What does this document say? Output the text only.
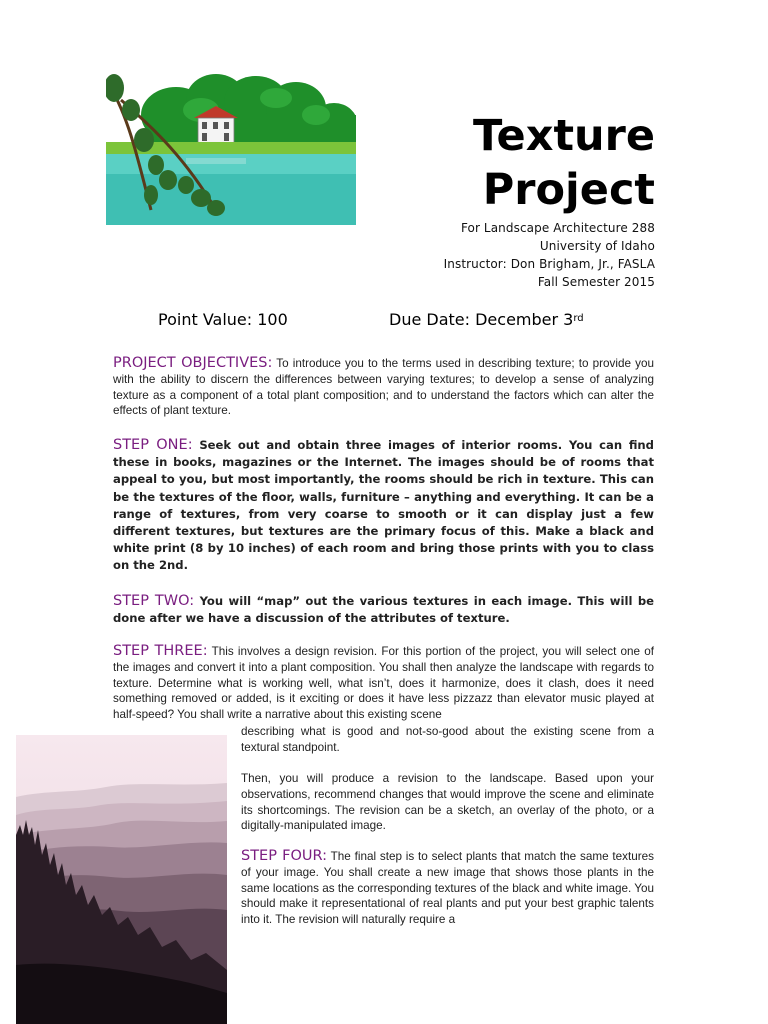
Texture
Project
For Landscape Architecture 288
University of Idaho
Instructor: Don Brigham, Jr., FASLA
Fall Semester 2015
Point Value: 100	Due Date: December 3rd
PROJECT OBJECTIVES: To introduce you to the terms used in describing texture; to provide you with the ability to discern the differences between varying textures; to develop a sense of analyzing texture as a component of a total plant composition; and to understand the factors which can alter the effects of plant texture.
STEP ONE: Seek out and obtain three images of interior rooms. You can find these in books, magazines or the Internet. The images should be of rooms that appeal to you, but most importantly, the rooms should be rich in texture. This can be the textures of the floor, walls, furniture – anything and everything. It can be a range of textures, from very coarse to smooth or it can display just a few different textures, but textures are the primary focus of this. Make a black and white print (8 by 10 inches) of each room and bring those prints with you to class on the 2nd.
STEP TWO: You will “map” out the various textures in each image. This will be done after we have a discussion of the attributes of texture.
STEP THREE: This involves a design revision. For this portion of the project, you will select one of the images and convert it into a plant composition. You shall then analyze the landscape with regards to texture. Determine what is working well, what isn’t, does it harmonize, does it clash, does it need something removed or added, is it exciting or does it have less pizzazz than elevator music played at half-speed? You shall write a narrative about this existing scene
describing what is good and not-so-good about the existing scene from a textural standpoint.
Then, you will produce a revision to the landscape. Based upon your observations, recommend changes that would improve the scene and eliminate its shortcomings. The revision can be a sketch, an overlay of the photo, or a digitally-manipulated image.
STEP FOUR: The final step is to select plants that match the same textures of your image. You shall create a new image that shows those plants in the same locations as the corresponding textures of the black and white image. You should make it representational of real plants and put your best graphic talents into it. The revision will naturally require a
